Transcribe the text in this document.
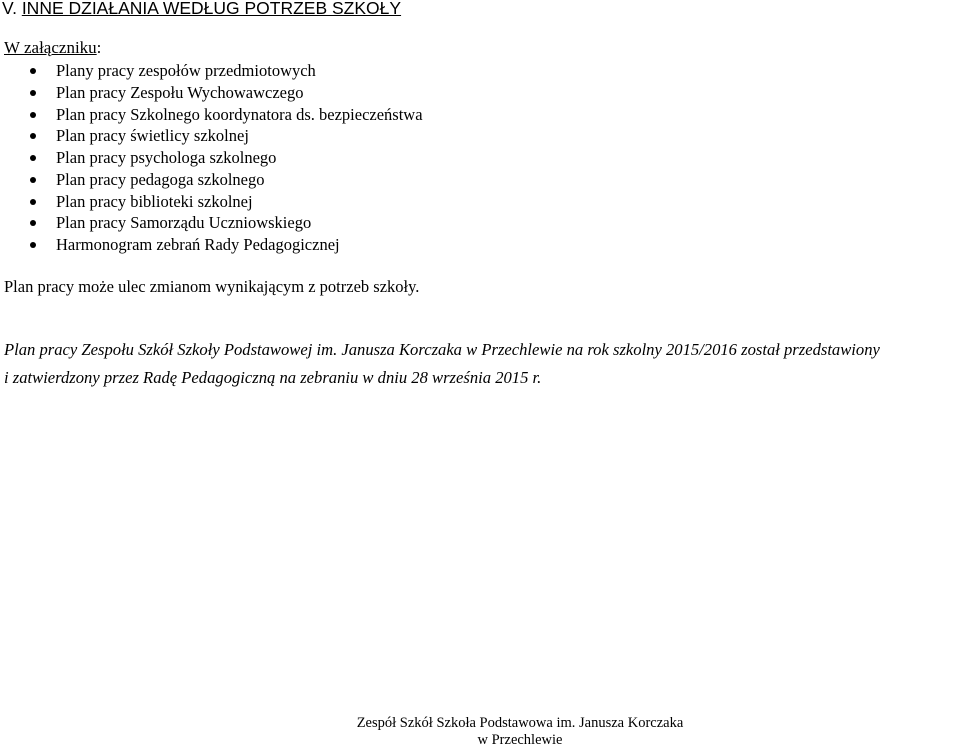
V. INNE DZIAŁANIA WEDŁUG POTRZEB SZKOŁY

W załączniku:

Plany pracy zespołów przedmiotowych
Plan pracy Zespołu Wychowawczego
Plan pracy Szkolnego koordynatora ds. bezpieczeństwa
Plan pracy świetlicy szkolnej
Plan pracy psychologa szkolnego
Plan pracy pedagoga szkolnego
Plan pracy biblioteki szkolnej
Plan pracy Samorządu Uczniowskiego
Harmonogram zebrań Rady Pedagogicznej

Plan pracy może ulec zmianom wynikającym z potrzeb szkoły.

Plan pracy Zespołu Szkół Szkoły Podstawowej im. Janusza Korczaka w Przechlewie na rok szkolny 2015/2016 został przedstawiony
i zatwierdzony przez Radę Pedagogiczną na zebraniu w dniu 28 września 2015 r.

Zespół Szkół Szkoła Podstawowa im. Janusza Korczaka
w Przechlewie
